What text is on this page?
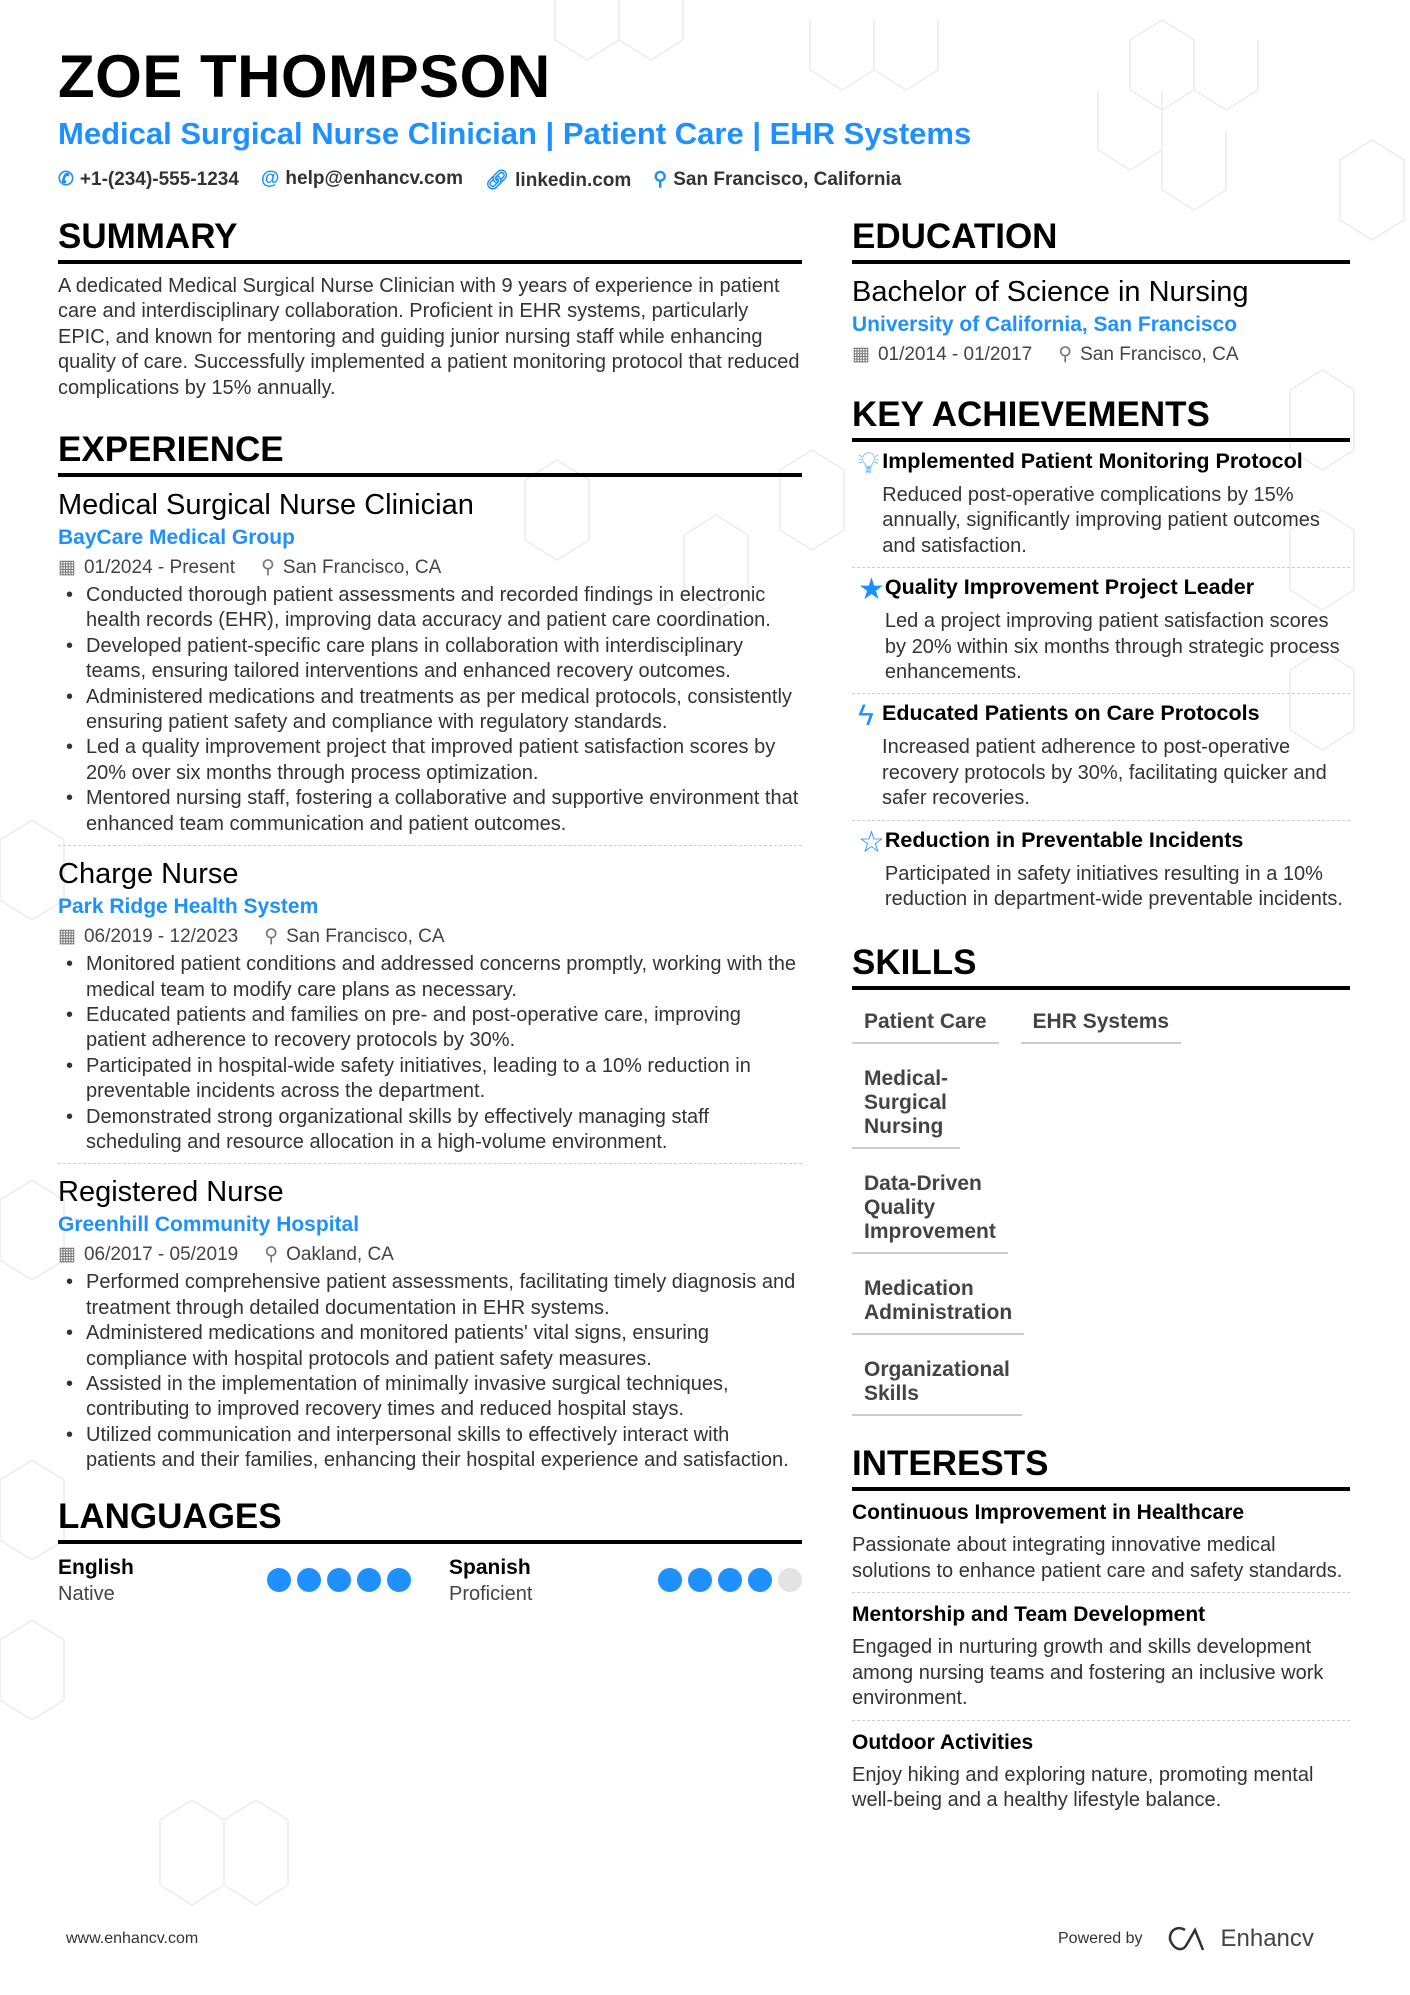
ZOE THOMPSON
Medical Surgical Nurse Clinician | Patient Care | EHR Systems
✆ +1-(234)-555-1234 @ help@enhancv.com 🔗︎ linkedin.com ⚲ San Francisco, California
SUMMARY
A dedicated Medical Surgical Nurse Clinician with 9 years of experience in patient care and interdisciplinary collaboration. Proficient in EHR systems, particularly EPIC, and known for mentoring and guiding junior nursing staff while enhancing quality of care. Successfully implemented a patient monitoring protocol that reduced complications by 15% annually.
EXPERIENCE
Medical Surgical Nurse Clinician
BayCare Medical Group
▦ 01/2024 - Present ⚲ San Francisco, CA
• Conducted thorough patient assessments and recorded findings in electronic health records (EHR), improving data accuracy and patient care coordination.
• Developed patient-specific care plans in collaboration with interdisciplinary teams, ensuring tailored interventions and enhanced recovery outcomes.
• Administered medications and treatments as per medical protocols, consistently ensuring patient safety and compliance with regulatory standards.
• Led a quality improvement project that improved patient satisfaction scores by 20% over six months through process optimization.
• Mentored nursing staff, fostering a collaborative and supportive environment that enhanced team communication and patient outcomes.
Charge Nurse
Park Ridge Health System
▦ 06/2019 - 12/2023 ⚲ San Francisco, CA
• Monitored patient conditions and addressed concerns promptly, working with the medical team to modify care plans as necessary.
• Educated patients and families on pre- and post-operative care, improving patient adherence to recovery protocols by 30%.
• Participated in hospital-wide safety initiatives, leading to a 10% reduction in preventable incidents across the department.
• Demonstrated strong organizational skills by effectively managing staff scheduling and resource allocation in a high-volume environment.
Registered Nurse
Greenhill Community Hospital
▦ 06/2017 - 05/2019 ⚲ Oakland, CA
• Performed comprehensive patient assessments, facilitating timely diagnosis and treatment through detailed documentation in EHR systems.
• Administered medications and monitored patients' vital signs, ensuring compliance with hospital protocols and patient safety measures.
• Assisted in the implementation of minimally invasive surgical techniques, contributing to improved recovery times and reduced hospital stays.
• Utilized communication and interpersonal skills to effectively interact with patients and their families, enhancing their hospital experience and satisfaction.
LANGUAGES
English
Native
Spanish
Proficient
EDUCATION
Bachelor of Science in Nursing
University of California, San Francisco
▦ 01/2014 - 01/2017 ⚲ San Francisco, CA
KEY ACHIEVEMENTS
💡︎ Implemented Patient Monitoring Protocol
Reduced post-operative complications by 15% annually, significantly improving patient outcomes and satisfaction.
★ Quality Improvement Project Leader
Led a project improving patient satisfaction scores by 20% within six months through strategic process enhancements.
ϟ Educated Patients on Care Protocols
Increased patient adherence to post-operative recovery protocols by 30%, facilitating quicker and safer recoveries.
☆ Reduction in Preventable Incidents
Participated in safety initiatives resulting in a 10% reduction in department-wide preventable incidents.
SKILLS
Patient Care	EHR Systems
Medical-Surgical Nursing
Data-Driven Quality Improvement
Medication Administration
Organizational Skills
INTERESTS
Continuous Improvement in Healthcare
Passionate about integrating innovative medical solutions to enhance patient care and safety standards.
Mentorship and Team Development
Engaged in nurturing growth and skills development among nursing teams and fostering an inclusive work environment.
Outdoor Activities
Enjoy hiking and exploring nature, promoting mental well-being and a healthy lifestyle balance.
www.enhancv.com	Powered by	Enhancv
